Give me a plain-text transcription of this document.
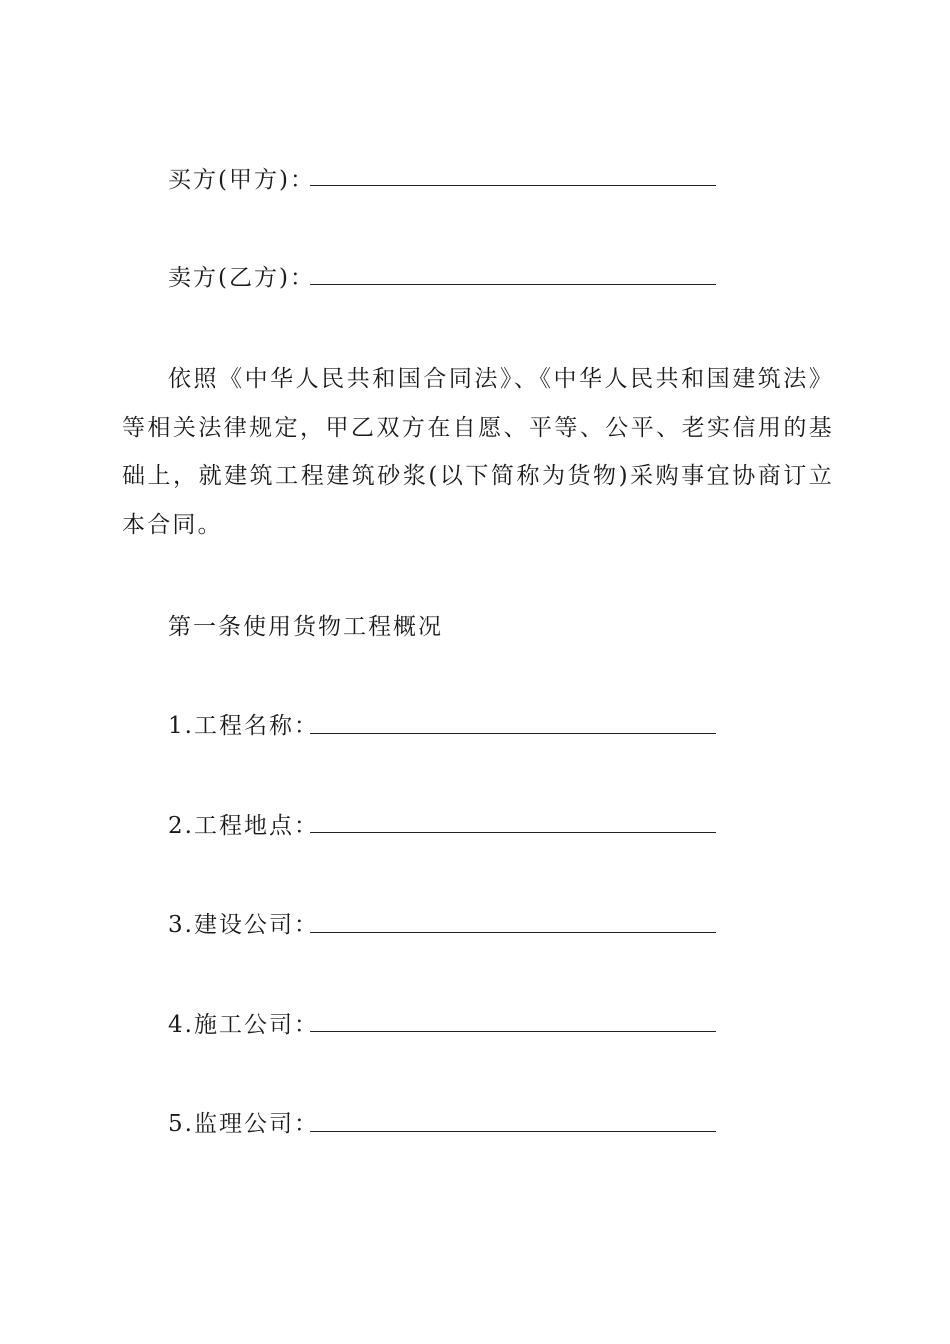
买方(甲方)：
卖方(乙方)：
依照《中华人民共和国合同法》、《中华人民共和国建筑法》等相关法律规定，甲乙双方在自愿、平等、公平、老实信用的基础上，就建筑工程建筑砂浆(以下简称为货物)采购事宜协商订立本合同。
第一条使用货物工程概况
1.工程名称：
2.工程地点：
3.建设公司：
4.施工公司：
5.监理公司：
